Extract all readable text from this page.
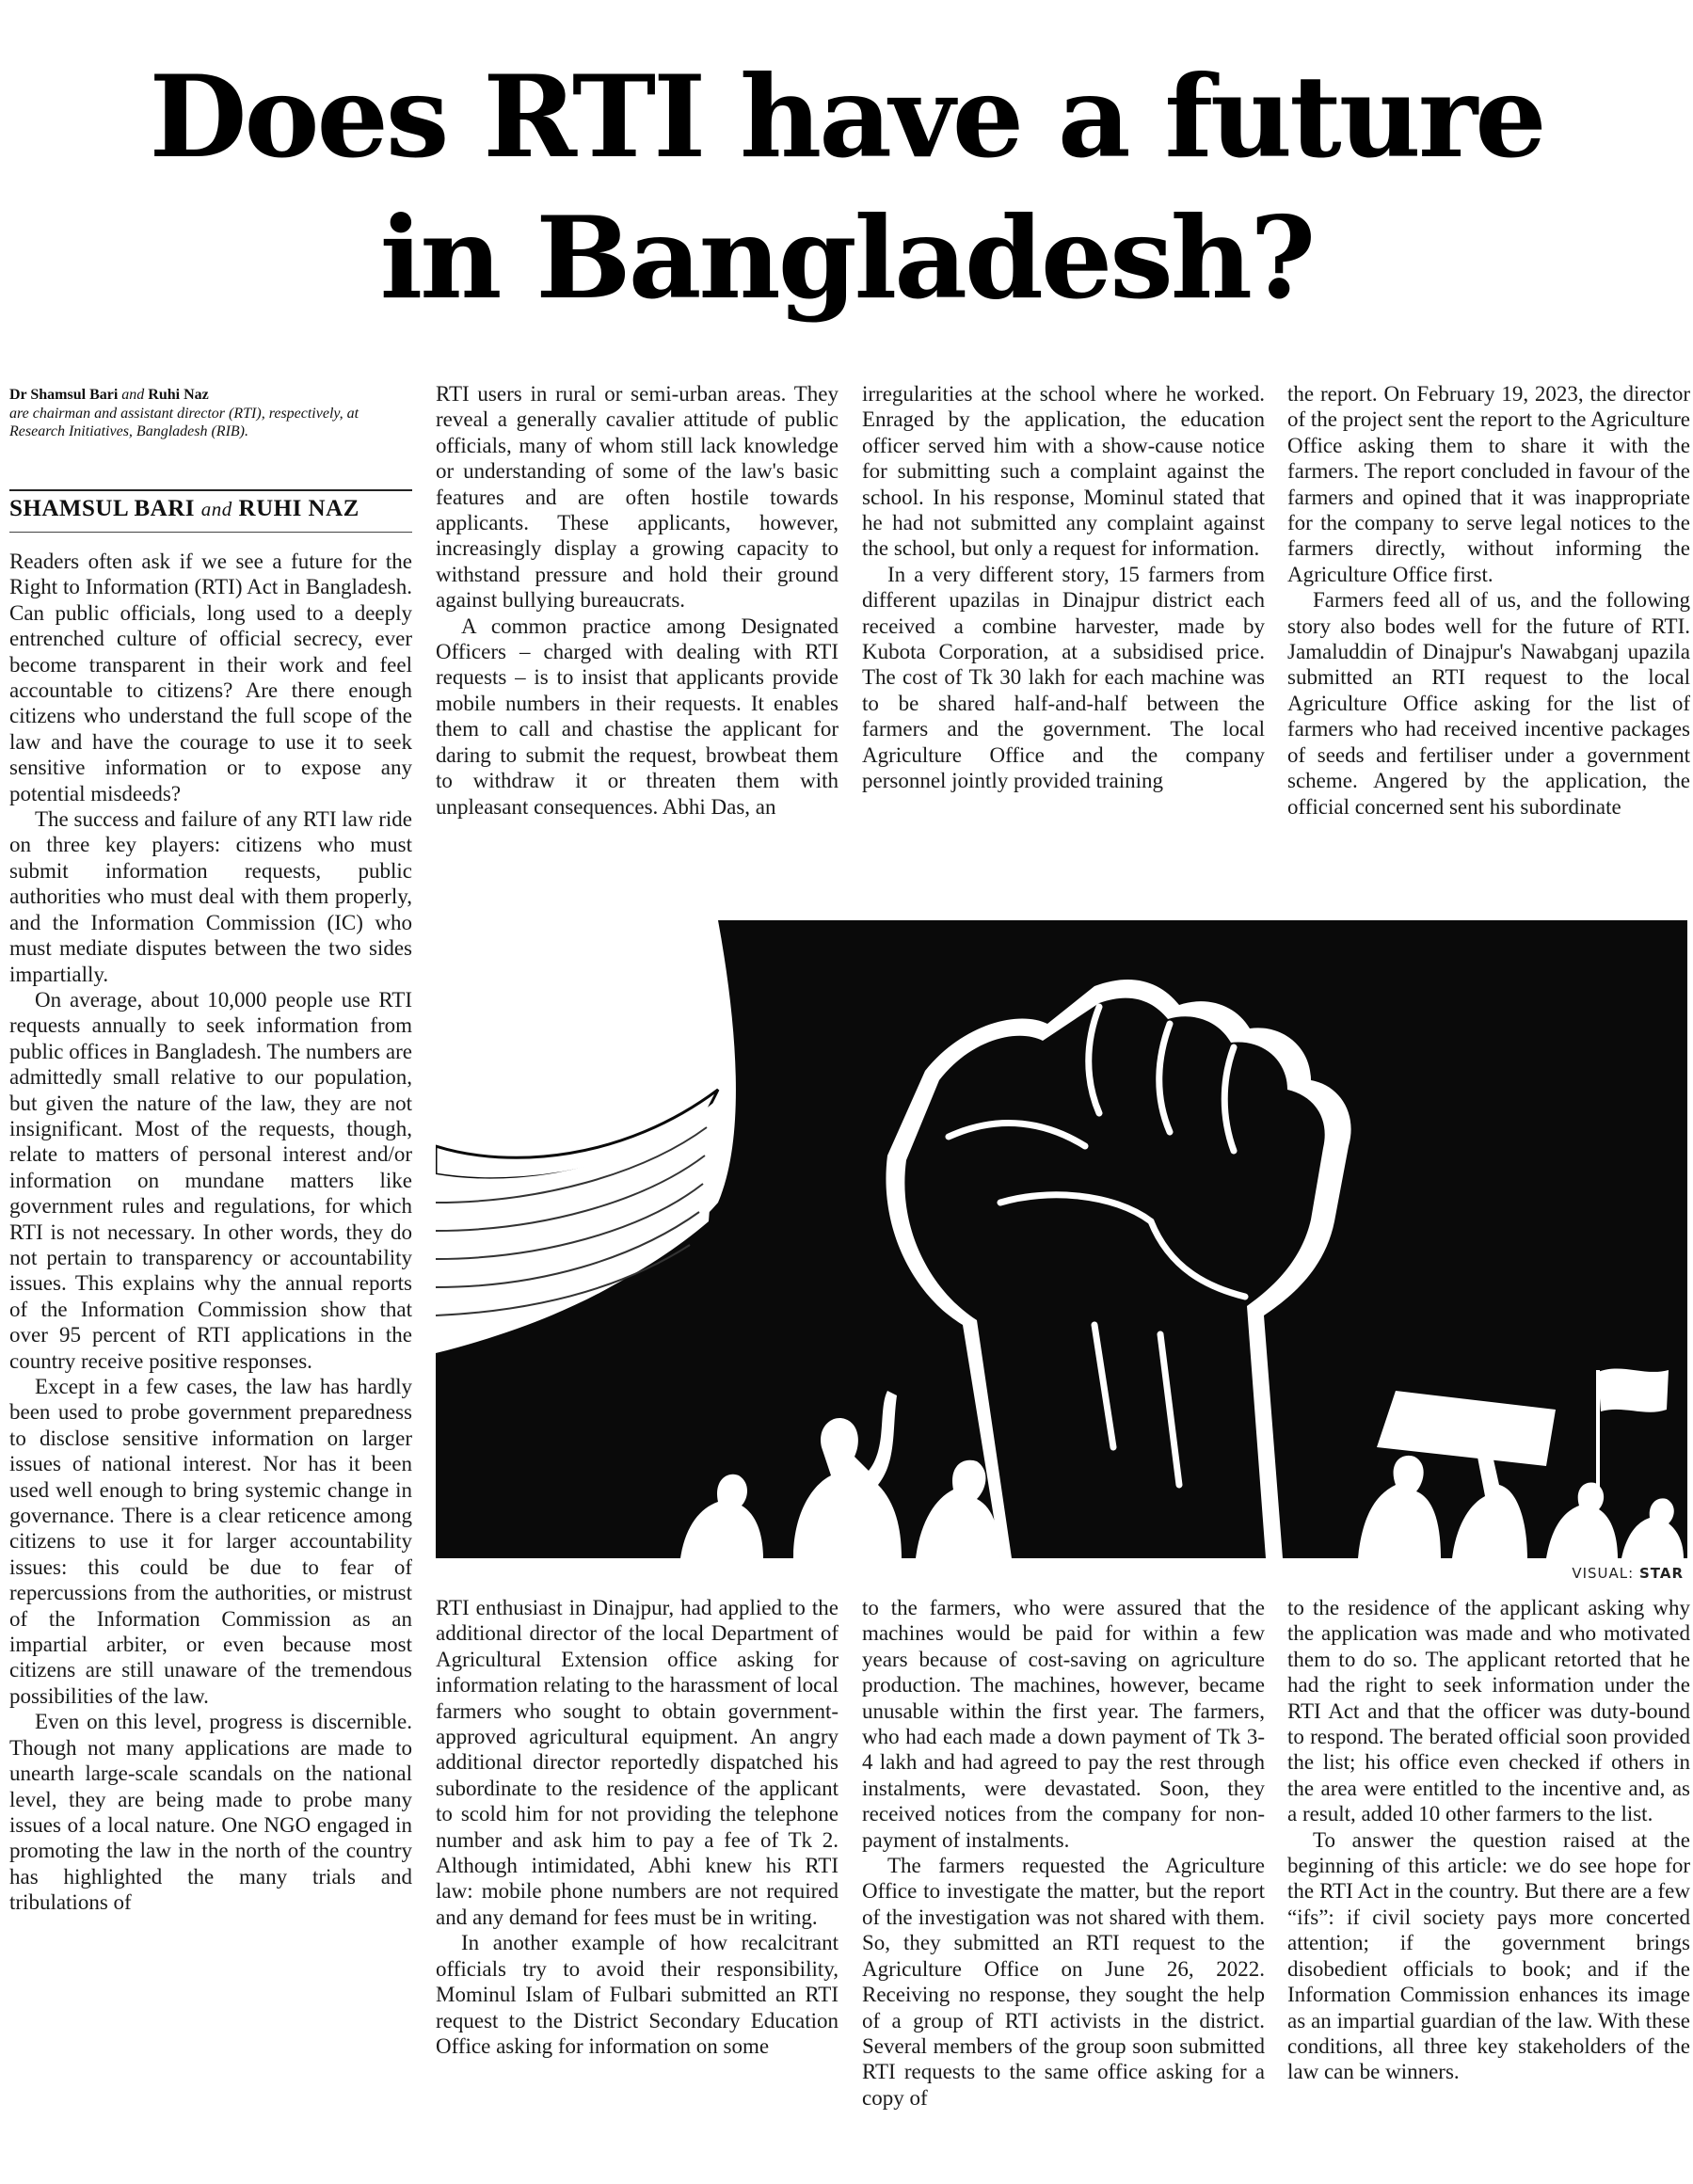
Does RTI have a future
in Bangladesh?
Dr Shamsul Bari and Ruhi Naz
are chairman and assistant director (RTI), respectively, at Research Initiatives, Bangladesh (RIB).
SHAMSUL BARI and RUHI NAZ

Readers often ask if we see a future for the Right to Information (RTI) Act in Bangladesh. Can public officials, long used to a deeply entrenched culture of official secrecy, ever become transparent in their work and feel accountable to citizens? Are there enough citizens who understand the full scope of the law and have the courage to use it to seek sensitive information or to expose any potential misdeeds?

The success and failure of any RTI law ride on three key players: citizens who must submit information requests, public authorities who must deal with them properly, and the Information Commission (IC) who must mediate disputes between the two sides impartially.

On average, about 10,000 people use RTI requests annually to seek information from public offices in Bangladesh. The numbers are admittedly small relative to our population, but given the nature of the law, they are not insignificant. Most of the requests, though, relate to matters of personal interest and/or information on mundane matters like government rules and regulations, for which RTI is not necessary. In other words, they do not pertain to transparency or accountability issues. This explains why the annual reports of the Information Commission show that over 95 percent of RTI applications in the country receive positive responses.

Except in a few cases, the law has hardly been used to probe government preparedness to disclose sensitive information on larger issues of national interest. Nor has it been used well enough to bring systemic change in governance. There is a clear reticence among citizens to use it for larger accountability issues: this could be due to fear of repercussions from the authorities, or mistrust of the Information Commission as an impartial arbiter, or even because most citizens are still unaware of the tremendous possibilities of the law.

Even on this level, progress is discernible. Though not many applications are made to unearth large-scale scandals on the national level, they are being made to probe many issues of a local nature. One NGO engaged in promoting the law in the north of the country has highlighted the many trials and tribulations of

RTI users in rural or semi-urban areas. They reveal a generally cavalier attitude of public officials, many of whom still lack knowledge or understanding of some of the law's basic features and are often hostile towards applicants. These applicants, however, increasingly display a growing capacity to withstand pressure and hold their ground against bullying bureaucrats.

A common practice among Designated Officers – charged with dealing with RTI requests – is to insist that applicants provide mobile numbers in their requests. It enables them to call and chastise the applicant for daring to submit the request, browbeat them to withdraw it or threaten them with unpleasant consequences. Abhi Das, an

irregularities at the school where he worked. Enraged by the application, the education officer served him with a show-cause notice for submitting such a complaint against the school. In his response, Mominul stated that he had not submitted any complaint against the school, but only a request for information.

In a very different story, 15 farmers from different upazilas in Dinajpur district each received a combine harvester, made by Kubota Corporation, at a subsidised price. The cost of Tk 30 lakh for each machine was to be shared half-and-half between the farmers and the government. The local Agriculture Office and the company personnel jointly provided training

the report. On February 19, 2023, the director of the project sent the report to the Agriculture Office asking them to share it with the farmers. The report concluded in favour of the farmers and opined that it was inappropriate for the company to serve legal notices to the farmers directly, without informing the Agriculture Office first.

Farmers feed all of us, and the following story also bodes well for the future of RTI. Jamaluddin of Dinajpur's Nawabganj upazila submitted an RTI request to the local Agriculture Office asking for the list of farmers who had received incentive packages of seeds and fertiliser under a government scheme. Angered by the application, the official concerned sent his subordinate

VISUAL: STAR

RTI enthusiast in Dinajpur, had applied to the additional director of the local Department of Agricultural Extension office asking for information relating to the harassment of local farmers who sought to obtain government-approved agricultural equipment. An angry additional director reportedly dispatched his subordinate to the residence of the applicant to scold him for not providing the telephone number and ask him to pay a fee of Tk 2. Although intimidated, Abhi knew his RTI law: mobile phone numbers are not required and any demand for fees must be in writing.

In another example of how recalcitrant officials try to avoid their responsibility, Mominul Islam of Fulbari submitted an RTI request to the District Secondary Education Office asking for information on some

to the farmers, who were assured that the machines would be paid for within a few years because of cost-saving on agriculture production. The machines, however, became unusable within the first year. The farmers, who had each made a down payment of Tk 3-4 lakh and had agreed to pay the rest through instalments, were devastated. Soon, they received notices from the company for non-payment of instalments.

The farmers requested the Agriculture Office to investigate the matter, but the report of the investigation was not shared with them. So, they submitted an RTI request to the Agriculture Office on June 26, 2022. Receiving no response, they sought the help of a group of RTI activists in the district. Several members of the group soon submitted RTI requests to the same office asking for a copy of

to the residence of the applicant asking why the application was made and who motivated them to do so. The applicant retorted that he had the right to seek information under the RTI Act and that the officer was duty-bound to respond. The berated official soon provided the list; his office even checked if others in the area were entitled to the incentive and, as a result, added 10 other farmers to the list.

To answer the question raised at the beginning of this article: we do see hope for the RTI Act in the country. But there are a few “ifs”: if civil society pays more concerted attention; if the government brings disobedient officials to book; and if the Information Commission enhances its image as an impartial guardian of the law. With these conditions, all three key stakeholders of the law can be winners.
